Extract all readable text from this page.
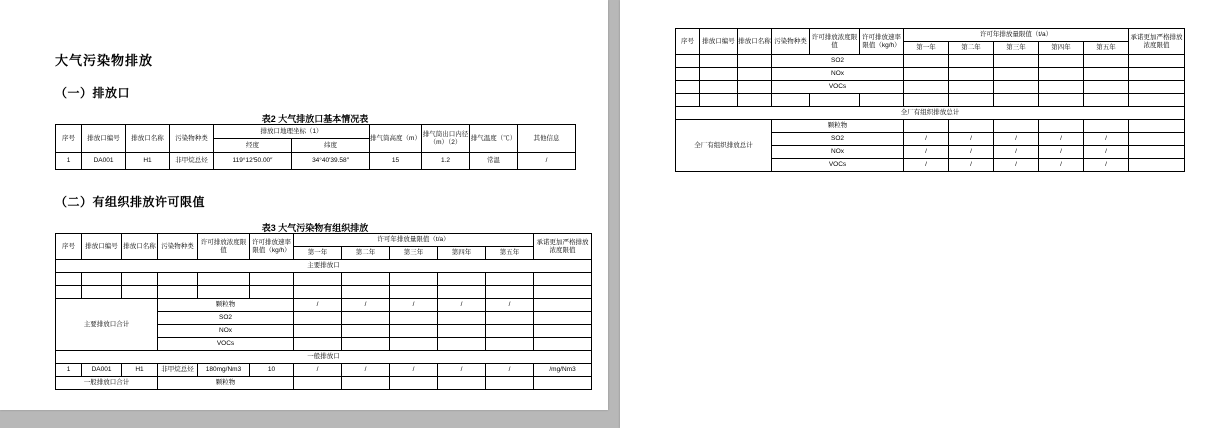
大气污染物排放
（一）排放口
表2 大气排放口基本情况表
序号	排放口编号	排放口名称	污染物种类	排放口地理坐标（1）		排气筒高度（m）	排气筒出口内径（m）（2）	排气温度（℃）	其他信息
				经度	纬度				
1	DA001	H1	非甲烷总烃	119°12′50.00″	34°40′39.58″	15	1.2	常温	/
（二）有组织排放许可限值
表3 大气污染物有组织排放
序号	排放口编号	排放口名称	污染物种类	许可排放浓度限值	许可排放速率限值（kg/h）	许可年排放量限值（t/a）					承诺更加严格排放浓度限值
						第一年	第二年	第三年	第四年	第五年	
主要排放口											

主要排放口合计			颗粒物			/	/	/	/	/	
			SO2								
			NOx								
			VOCs								
一般排放口											
1	DA001	H1	非甲烷总烃	180mg/Nm3	10	/	/	/	/	/	/mg/Nm3
一般排放口合计			颗粒物								
序号	排放口编号	排放口名称	污染物种类	许可排放浓度限值	许可排放速率限值（kg/h）	许可年排放量限值（t/a）					承诺更加严格排放浓度限值
						第一年	第二年	第三年	第四年	第五年	
			SO2								
			NOx								
			VOCs								

全厂有组织排放总计											
全厂有组织排放总计			颗粒物								
			SO2			/	/	/	/	/	
			NOx			/	/	/	/	/	
			VOCs			/	/	/	/	/	
